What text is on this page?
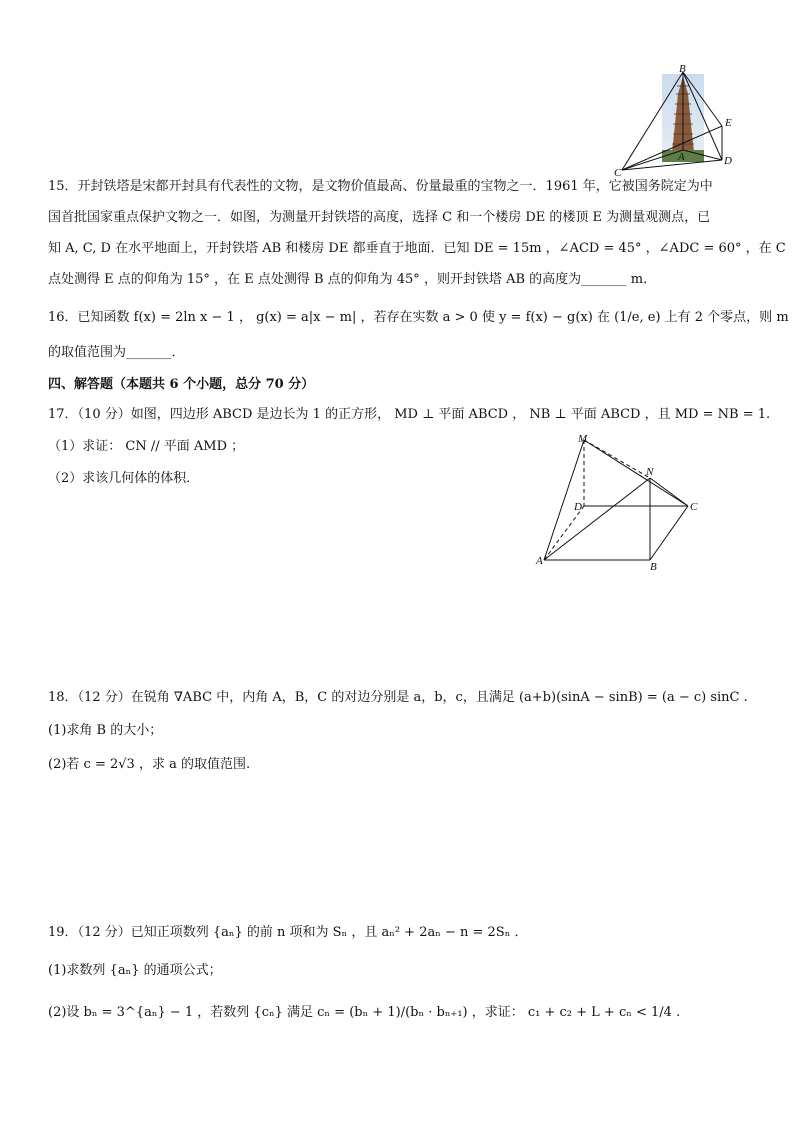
B
E
A
C
D
15．开封铁塔是宋都开封具有代表性的文物，是文物价值最高、份量最重的宝物之一．1961 年，它被国务院定为中
国首批国家重点保护文物之一．如图，为测量开封铁塔的高度，选择 C 和一个楼房 DE 的楼顶 E 为测量观测点，已
知 A, C, D 在水平地面上，开封铁塔 AB 和楼房 DE 都垂直于地面．已知 DE = 15m ，∠ACD = 45° ，∠ADC = 60° ，在 C
点处测得 E 点的仰角为 15° ，在 E 点处测得 B 点的仰角为 45° ，则开封铁塔 AB 的高度为_______ m．
16．已知函数 f(x) = 2ln x − 1 ， g(x) = a|x − m| ，若存在实数 a > 0 使 y = f(x) − g(x) 在 (1/e, e) 上有 2 个零点，则 m
的取值范围为_______．
四、解答题（本题共 6 个小题，总分 70 分）
17．（10 分）如图，四边形 ABCD 是边长为 1 的正方形， MD ⊥ 平面 ABCD ， NB ⊥ 平面 ABCD ，且 MD = NB = 1.
（1）求证： CN // 平面 AMD ；
（2）求该几何体的体积．
M
N
D	C
A	B
18．（12 分）在锐角 ∇ABC 中，内角 A，B，C 的对边分别是 a，b，c，且满足 (a+b)(sinA − sinB) = (a − c) sinC .
(1)求角 B 的大小；
(2)若 c = 2√3 ，求 a 的取值范围.
19．（12 分）已知正项数列 {aₙ} 的前 n 项和为 Sₙ ，且 aₙ² + 2aₙ − n = 2Sₙ ．
(1)求数列 {aₙ} 的通项公式；
(2)设 bₙ = 3^{aₙ} − 1 ，若数列 {cₙ} 满足 cₙ = (bₙ + 1)/(bₙ · bₙ₊₁) ，求证： c₁ + c₂ + L + cₙ < 1/4 .
